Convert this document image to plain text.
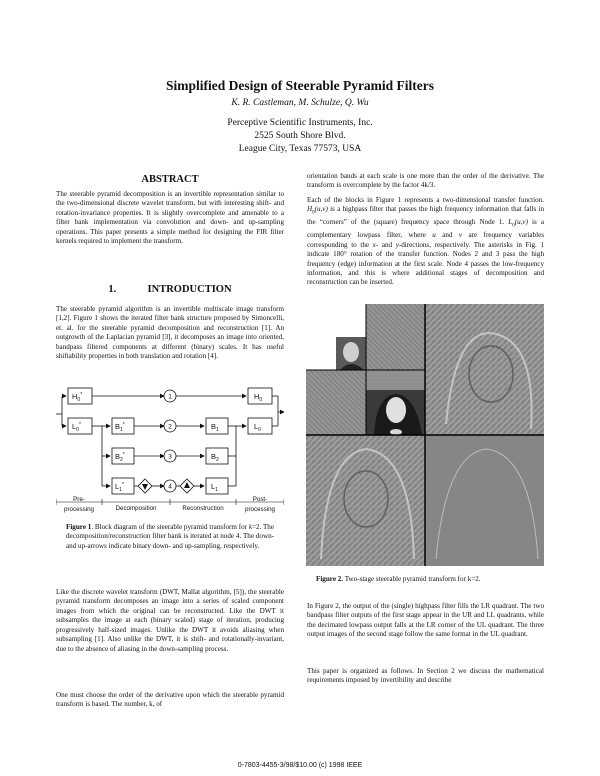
Simplified Design of Steerable Pyramid Filters
K. R. Castleman, M. Schulze, Q. Wu
Perceptive Scientific Instruments, Inc.
2525 South Shore Blvd.
League City, Texas 77573, USA
ABSTRACT

The steerable pyramid decomposition is an invertible representation similar to the two-dimensional discrete wavelet transform, but with interesting shift- and rotation-invariance properties. It is slightly overcomplete and amenable to a filter bank implementation via convolution and down- and up-sampling operations. This paper presents a simple method for designing the FIR filter kernels required to implement the transform.

1.	INTRODUCTION

The steerable pyramid algorithm is an invertible multiscale image transform [1,2]. Figure 1 shows the iterated filter bank structure proposed by Simoncelli, et. al. for the steerable pyramid decomposition and reconstruction [1]. An outgrowth of the Laplacian pyramid [3], it decomposes an image into oriented, bandpass filtered components at different (binary) scales. It has useful shiftability properties in both translation and rotation [4].

$H_0^*$
$L_0^*$	$B_1^*$
$B_2^*$
$L_1^*$
$B_1$
$B_2$
$L_1$
$H_0$
$L_0$
1
2
3
4
Pre-
processing	Decomposition	Reconstruction
Post-
processing
Figure 1. Block diagram of the steerable pyramid transform for k=2. The decomposition/reconstruction filter bank is iterated at node 4. The down- and up-arrows indicate binary down- and up-sampling, respectively.

Like the discrete wavelet transform (DWT, Mallat algorithm, [5]), the steerable pyramid transform decomposes an image into a series of scaled component images from which the original can be reconstructed. Like the DWT it subsamples the image at each (binary scaled) stage of iteration, producing progressively half-sized images. Unlike the DWT it avoids aliasing when subsampling [1]. Also unlike the DWT, it is shift- and rotationally-invariant, due to the absence of aliasing in the down-sampling process.

One must choose the order of the derivative upon which the steerable pyramid transform is based. The number, k, of

orientation bands at each scale is one more than the order of the derivative. The transform is overcomplete by the factor 4k/3.

Each of the blocks in Figure 1 represents a two-dimensional transfer function. $H_0(u,v)$ is a highpass filter that passes the high frequency information that falls in the “corners” of the (square) frequency space through Node 1. $L_0(u,v)$ is a complementary lowpass filter, where u and v are frequency variables corresponding to the x- and y-directions, respectively. The asterisks in Fig. 1 indicate 180° rotation of the transfer function. Nodes 2 and 3 pass the high frequency (edge) information at the first scale. Node 4 passes the low-frequency information, and this is where additional stages of decomposition and reconstruction can be inserted.

Figure 2. Two-stage steerable pyramid transform for k=2.

In Figure 2, the output of the (single) highpass filter fills the LR quadrant. The two bandpass filter outputs of the first stage appear in the UR and LL quadrants, while the decimated lowpass output falls at the LR corner of the UL quadrant. The three output images of the second stage follow the same format in the UL quadrant.

This paper is organized as follows. In Section 2 we discuss the mathematical requirements imposed by invertibility and describe

0-7803-4455-3/98/$10.00 (c) 1998 IEEE
